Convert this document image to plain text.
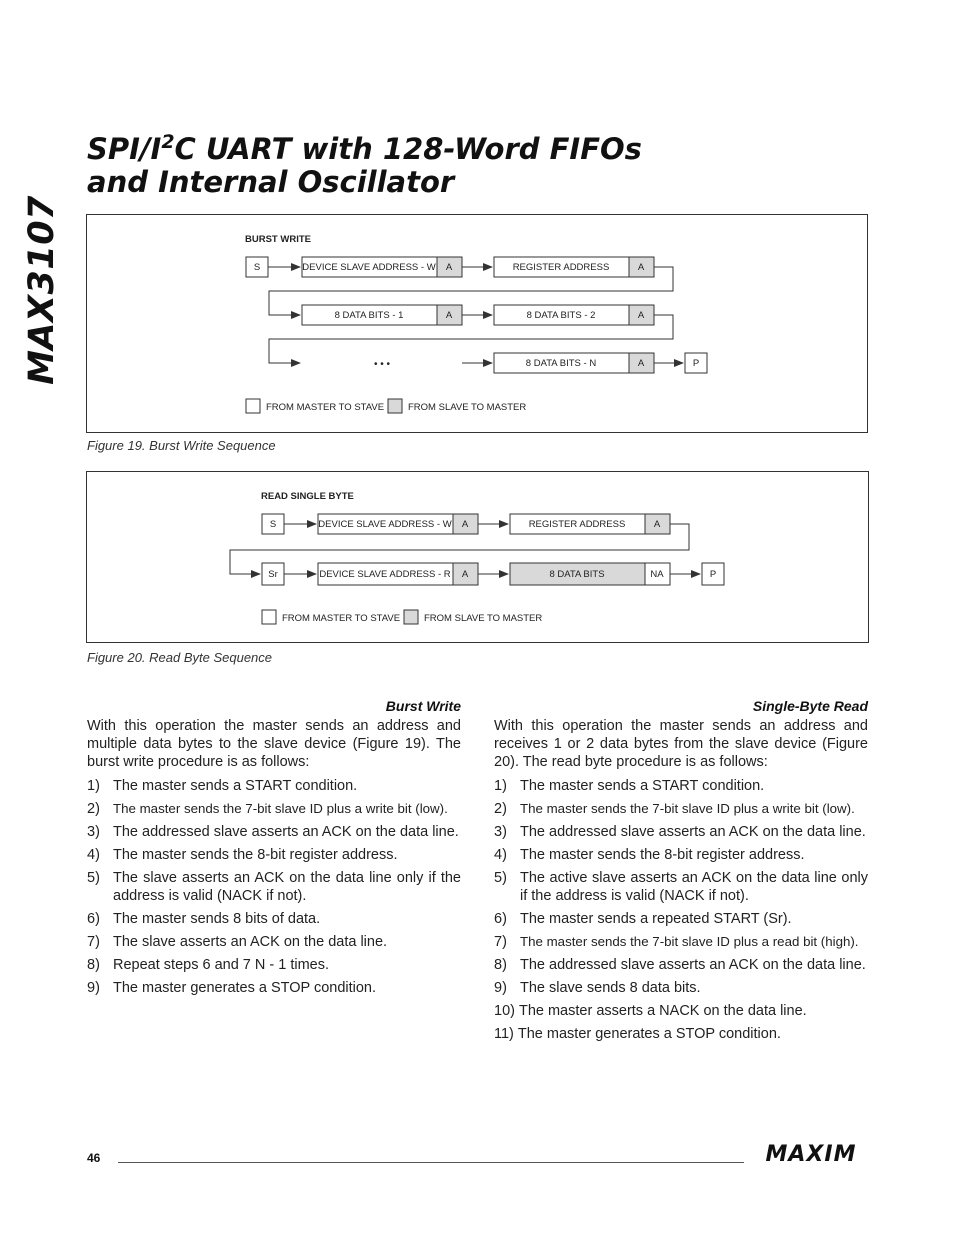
MAX3107
SPI/$I^2C$ UART with 128-Word FIFOs
and Internal Oscillator
BURST WRITE
S	DEVICE SLAVE ADDRESS - W A	REGISTER ADDRESS	A
8 DATA BITS - 1	A	8 DATA BITS - 2	A
• • •	8 DATA BITS - N	A	P
FROM MASTER TO STAVE	FROM SLAVE TO MASTER
Figure 19. Burst Write Sequence
READ SINGLE BYTE
S	DEVICE SLAVE ADDRESS - W A	REGISTER ADDRESS	A
Sr	DEVICE SLAVE ADDRESS - R A	8 DATA BITS	NA	P
FROM MASTER TO STAVE	FROM SLAVE TO MASTER
Figure 20. Read Byte Sequence

Burst Write

With this operation the master sends an address and multiple data bytes to the slave device (Figure 19). The burst write procedure is as follows:

1) The master sends a START condition.
2) The master sends the 7-bit slave ID plus a write bit (low).
3) The addressed slave asserts an ACK on the data line.
4) The master sends the 8-bit register address.
5) The slave asserts an ACK on the data line only if the address is valid (NACK if not).
6) The master sends 8 bits of data.
7) The slave asserts an ACK on the data line.
8) Repeat steps 6 and 7 N - 1 times.
9) The master generates a STOP condition.

Single-Byte Read

With this operation the master sends an address and receives 1 or 2 data bytes from the slave device (Figure 20). The read byte procedure is as follows:

1) The master sends a START condition.
2) The master sends the 7-bit slave ID plus a write bit (low).
3) The addressed slave asserts an ACK on the data line.
4) The master sends the 8-bit register address.
5) The active slave asserts an ACK on the data line only if the address is valid (NACK if not).
6) The master sends a repeated START (Sr).
7) The master sends the 7-bit slave ID plus a read bit (high).
8) The addressed slave asserts an ACK on the data line.
9) The slave sends 8 data bits.
10) The master asserts a NACK on the data line.
11) The master generates a STOP condition.
46	MAXIM
